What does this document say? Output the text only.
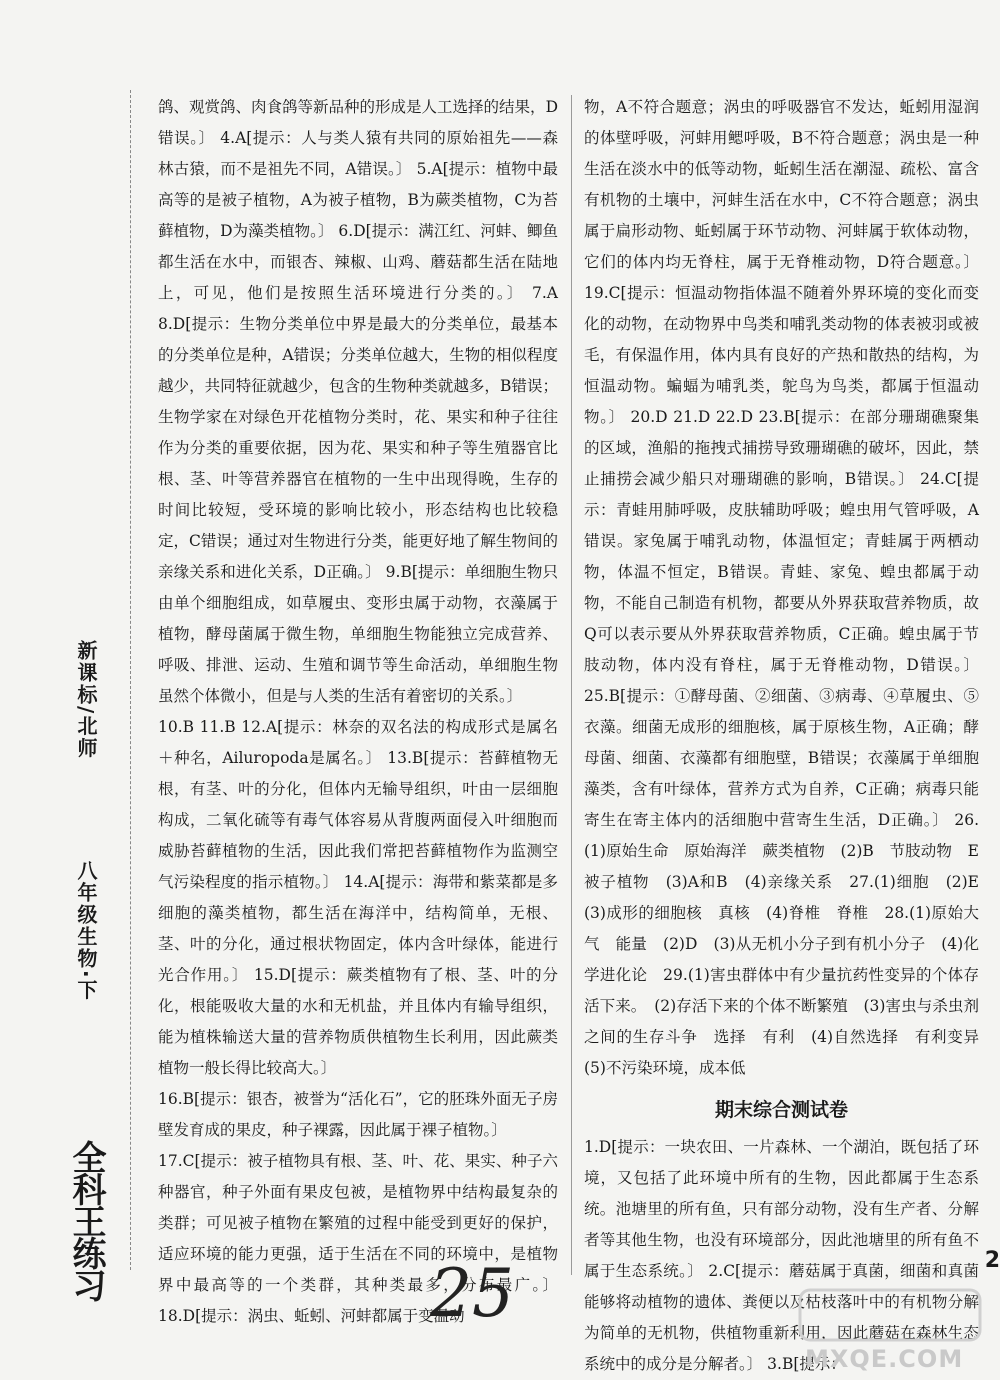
新课标/北师
八年级生物·下
全科王练习

鸽、观赏鸽、肉食鸽等新品种的形成是人工选择的结果，D错误。〕 4.A[提示：人与类人猿有共同的原始祖先——森林古猿，而不是祖先不同，A错误。〕 5.A[提示：植物中最高等的是被子植物，A为被子植物，B为蕨类植物，C为苔藓植物，D为藻类植物。〕 6.D[提示：满江红、河蚌、鲫鱼都生活在水中，而银杏、辣椒、山鸡、蘑菇都生活在陆地上，可见，他们是按照生活环境进行分类的。〕 7.A 8.D[提示：生物分类单位中界是最大的分类单位，最基本的分类单位是种，A错误；分类单位越大，生物的相似程度越少，共同特征就越少，包含的生物种类就越多，B错误；生物学家在对绿色开花植物分类时，花、果实和种子往往作为分类的重要依据，因为花、果实和种子等生殖器官比根、茎、叶等营养器官在植物的一生中出现得晚，生存的时间比较短，受环境的影响比较小，形态结构也比较稳定，C错误；通过对生物进行分类，能更好地了解生物间的亲缘关系和进化关系，D正确。〕 9.B[提示：单细胞生物只由单个细胞组成，如草履虫、变形虫属于动物，衣藻属于植物，酵母菌属于微生物，单细胞生物能独立完成营养、呼吸、排泄、运动、生殖和调节等生命活动，单细胞生物虽然个体微小，但是与人类的生活有着密切的关系。〕

10.B 11.B 12.A[提示：林奈的双名法的构成形式是属名＋种名，Ailuropoda是属名。〕 13.B[提示：苔藓植物无根，有茎、叶的分化，但体内无输导组织，叶由一层细胞构成，二氧化硫等有毒气体容易从背腹两面侵入叶细胞而威胁苔藓植物的生活，因此我们常把苔藓植物作为监测空气污染程度的指示植物。〕 14.A[提示：海带和紫菜都是多细胞的藻类植物，都生活在海洋中，结构简单，无根、茎、叶的分化，通过根状物固定，体内含叶绿体，能进行光合作用。〕 15.D[提示：蕨类植物有了根、茎、叶的分化，根能吸收大量的水和无机盐，并且体内有输导组织，能为植株输送大量的营养物质供植物生长利用，因此蕨类植物一般长得比较高大。〕

16.B[提示：银杏，被誉为“活化石”，它的胚珠外面无子房壁发育成的果皮，种子裸露，因此属于裸子植物。〕

17.C[提示：被子植物具有根、茎、叶、花、果实、种子六种器官，种子外面有果皮包被，是植物界中结构最复杂的类群；可见被子植物在繁殖的过程中能受到更好的保护，适应环境的能力更强，适于生活在不同的环境中，是植物界中最高等的一个类群，其种类最多，分布最广。〕 18.D[提示：涡虫、蚯蚓、河蚌都属于变温动

物，A不符合题意；涡虫的呼吸器官不发达，蚯蚓用湿润的体壁呼吸，河蚌用鳃呼吸，B不符合题意；涡虫是一种生活在淡水中的低等动物，蚯蚓生活在潮湿、疏松、富含有机物的土壤中，河蚌生活在水中，C不符合题意；涡虫属于扁形动物、蚯蚓属于环节动物、河蚌属于软体动物，它们的体内均无脊柱，属于无脊椎动物，D符合题意。〕 19.C[提示：恒温动物指体温不随着外界环境的变化而变化的动物，在动物界中鸟类和哺乳类动物的体表被羽或被毛，有保温作用，体内具有良好的产热和散热的结构，为恒温动物。蝙蝠为哺乳类，鸵鸟为鸟类，都属于恒温动物。〕 20.D 21.D 22.D 23.B[提示：在部分珊瑚礁聚集的区域，渔船的拖拽式捕捞导致珊瑚礁的破坏，因此，禁止捕捞会减少船只对珊瑚礁的影响，B错误。〕 24.C[提示：青蛙用肺呼吸，皮肤辅助呼吸；蝗虫用气管呼吸，A错误。家兔属于哺乳动物，体温恒定；青蛙属于两栖动物，体温不恒定，B错误。青蛙、家兔、蝗虫都属于动物，不能自己制造有机物，都要从外界获取营养物质，故Q可以表示要从外界获取营养物质，C正确。蝗虫属于节肢动物，体内没有脊柱，属于无脊椎动物，D错误。〕 25.B[提示：①酵母菌、②细菌、③病毒、④草履虫、⑤衣藻。细菌无成形的细胞核，属于原核生物，A正确；酵母菌、细菌、衣藻都有细胞壁，B错误；衣藻属于单细胞藻类，含有叶绿体，营养方式为自养，C正确；病毒只能寄生在寄主体内的活细胞中营寄生生活，D正确。〕 26.(1)原始生命　原始海洋　蕨类植物　(2)B　节肢动物　E　被子植物　(3)A和B　(4)亲缘关系　27.(1)细胞　(2)E　(3)成形的细胞核　真核　(4)脊椎　脊椎　28.(1)原始大气　能量　(2)D　(3)从无机小分子到有机小分子　(4)化学进化论　29.(1)害虫群体中有少量抗药性变异的个体存活下来。　(2)存活下来的个体不断繁殖　(3)害虫与杀虫剂之间的生存斗争　选择　有利　(4)自然选择　有利变异　(5)不污染环境，成本低

期末综合测试卷

1.D[提示：一块农田、一片森林、一个湖泊，既包括了环境，又包括了此环境中所有的生物，因此都属于生态系统。池塘里的所有鱼，只有部分动物，没有生产者、分解者等其他生物，也没有环境部分，因此池塘里的所有鱼不属于生态系统。〕 2.C[提示：蘑菇属于真菌，细菌和真菌能够将动植物的遗体、粪便以及枯枝落叶中的有机物分解为简单的无机物，供植物重新利用，因此蘑菇在森林生态系统中的成分是分解者。〕 3.B[提示：

2
25
MXQE.COM
